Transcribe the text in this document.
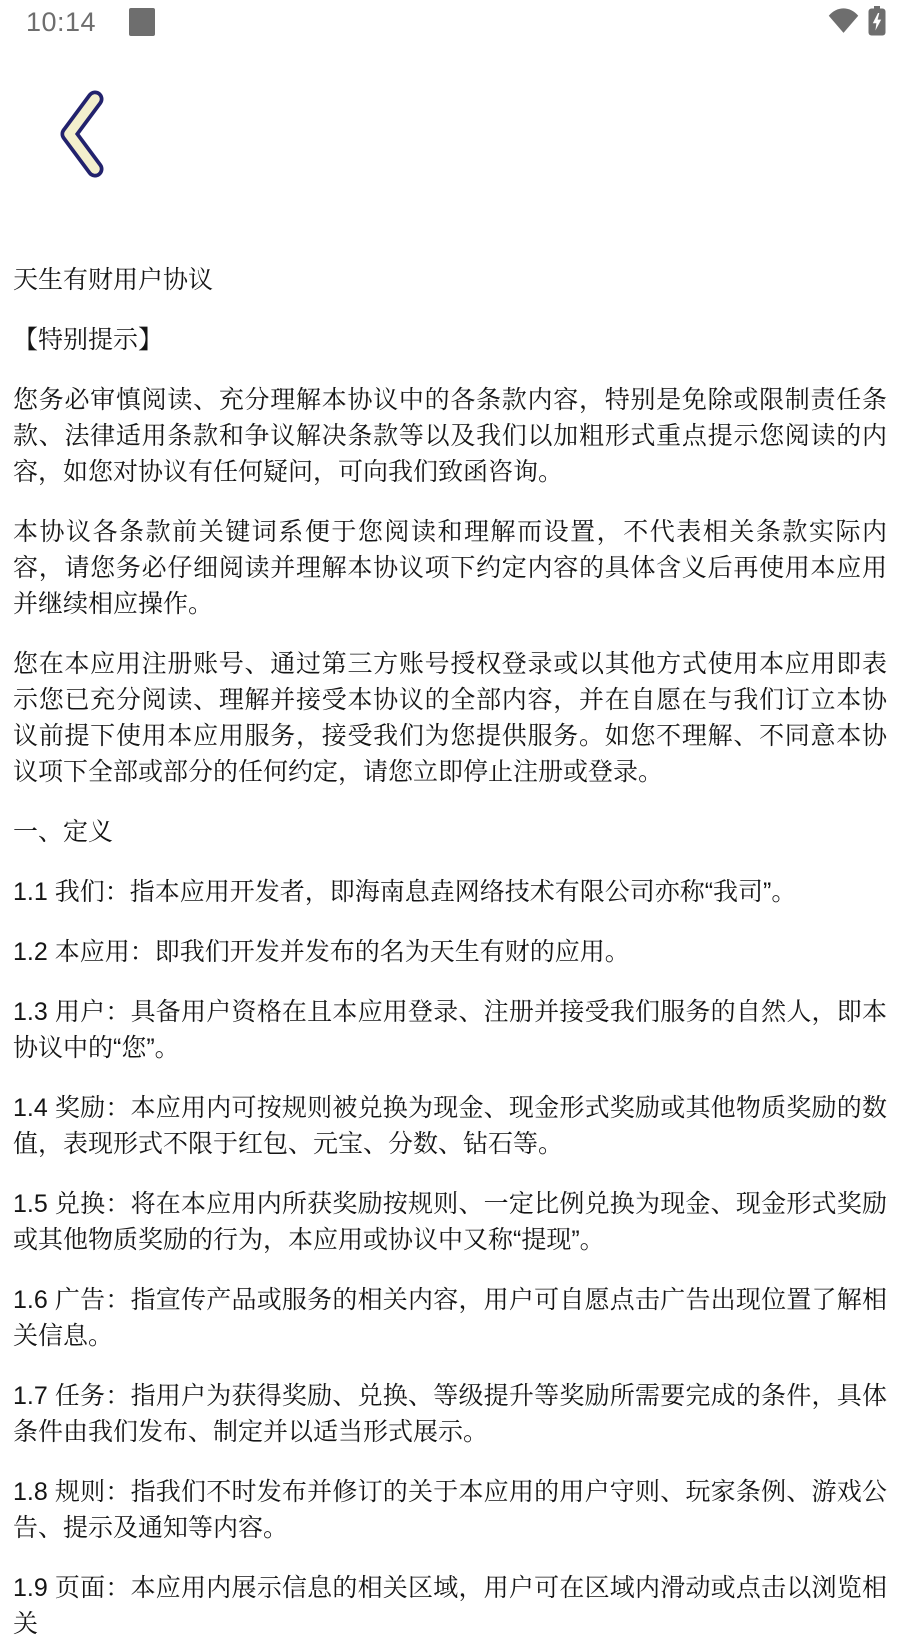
10:14

天生有财用户协议

【特别提示】

您务必审慎阅读、充分理解本协议中的各条款内容，特别是免除或限制责任条款、法律适用条款和争议解决条款等以及我们以加粗形式重点提示您阅读的内容，如您对协议有任何疑问，可向我们致函咨询。

本协议各条款前关键词系便于您阅读和理解而设置，不代表相关条款实际内容，请您务必仔细阅读并理解本协议项下约定内容的具体含义后再使用本应用并继续相应操作。

您在本应用注册账号、通过第三方账号授权登录或以其他方式使用本应用即表示您已充分阅读、理解并接受本协议的全部内容，并在自愿在与我们订立本协议前提下使用本应用服务，接受我们为您提供服务。如您不理解、不同意本协议项下全部或部分的任何约定，请您立即停止注册或登录。

一、定义

1.1 我们：指本应用开发者，即海南息垚网络技术有限公司亦称“我司”。

1.2 本应用：即我们开发并发布的名为天生有财的应用。

1.3 用户：具备用户资格在且本应用登录、注册并接受我们服务的自然人，即本协议中的“您”。

1.4 奖励：本应用内可按规则被兑换为现金、现金形式奖励或其他物质奖励的数值，表现形式不限于红包、元宝、分数、钻石等。

1.5 兑换：将在本应用内所获奖励按规则、一定比例兑换为现金、现金形式奖励或其他物质奖励的行为，本应用或协议中又称“提现”。

1.6 广告：指宣传产品或服务的相关内容，用户可自愿点击广告出现位置了解相关信息。

1.7 任务：指用户为获得奖励、兑换、等级提升等奖励所需要完成的条件，具体条件由我们发布、制定并以适当形式展示。

1.8 规则：指我们不时发布并修订的关于本应用的用户守则、玩家条例、游戏公告、提示及通知等内容。

1.9 页面：本应用内展示信息的相关区域，用户可在区域内滑动或点击以浏览相关
